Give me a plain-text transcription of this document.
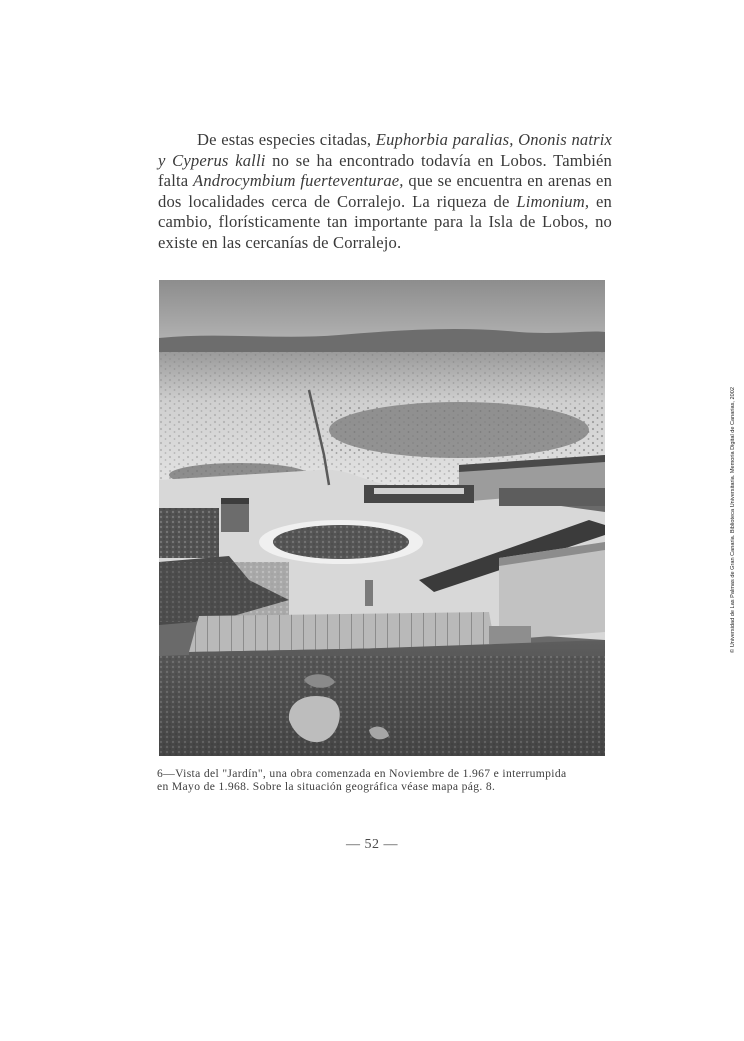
De estas especies citadas, Euphorbia paralias, Ononis natrix y Cyperus kalli no se ha encontrado todavía en Lobos. También falta Androcymbium fuerteventurae, que se encuentra en arenas en dos localidades cerca de Corralejo. La riqueza de Limonium, en cambio, florísticamente tan importante para la Isla de Lobos, no existe en las cercanías de Corralejo.

6—Vista del "Jardín", una obra comenzada en Noviembre de 1.967 e interrumpida

en Mayo de 1.968. Sobre la situación geográfica véase mapa pág. 8.

— 52 —
© Universidad de Las Palmas de Gran Canaria. Biblioteca Universitaria. Memoria Digital de Canarias, 2002
